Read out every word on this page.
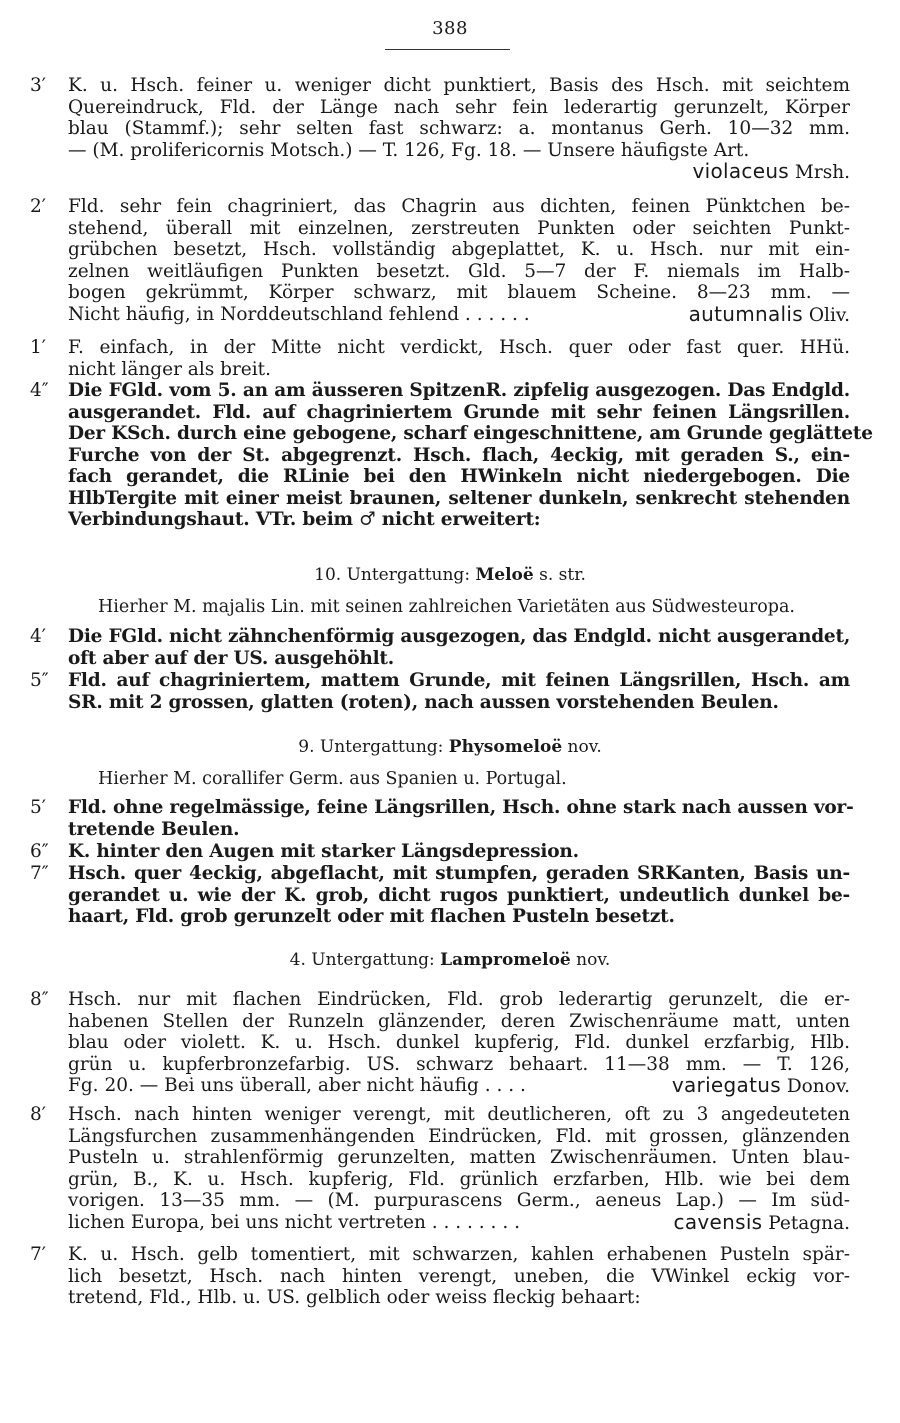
388
3′	K. u. Hsch. feiner u. weniger dicht punktiert, Basis des Hsch. mit seichtem
Quereindruck, Fld. der Länge nach sehr fein lederartig gerunzelt, Körper
blau (Stammf.); sehr selten fast schwarz: a. montanus Gerh. 10—32 mm.
— (M. prolifericornis Motsch.) — T. 126, Fg. 18. — Unsere häufigste Art.
violaceus Mrsh.
2′	Fld. sehr fein chagriniert, das Chagrin aus dichten, feinen Pünktchen be-
stehend, überall mit einzelnen, zerstreuten Punkten oder seichten Punkt-
grübchen besetzt, Hsch. vollständig abgeplattet, K. u. Hsch. nur mit ein-
zelnen weitläufigen Punkten besetzt. Gld. 5—7 der F. niemals im Halb-
bogen gekrümmt, Körper schwarz, mit blauem Scheine. 8—23 mm. —
Nicht häufig, in Norddeutschland fehlend . . . . . .	autumnalis Oliv.
1′	F. einfach, in der Mitte nicht verdickt, Hsch. quer oder fast quer. HHü.
nicht länger als breit.
4″	Die FGld. vom 5. an am äusseren SpitzenR. zipfelig ausgezogen. Das Endgld.
ausgerandet. Fld. auf chagriniertem Grunde mit sehr feinen Längsrillen.
Der KSch. durch eine gebogene, scharf eingeschnittene, am Grunde geglättete
Furche von der St. abgegrenzt. Hsch. flach, 4eckig, mit geraden S., ein-
fach gerandet, die RLinie bei den HWinkeln nicht niedergebogen. Die
HlbTergite mit einer meist braunen, seltener dunkeln, senkrecht stehenden
Verbindungshaut. VTr. beim ♂ nicht erweitert:
10. Untergattung: Meloë s. str.
Hierher M. majalis Lin. mit seinen zahlreichen Varietäten aus Südwesteuropa.
4′	Die FGld. nicht zähnchenförmig ausgezogen, das Endgld. nicht ausgerandet,
oft aber auf der US. ausgehöhlt.
5″	Fld. auf chagriniertem, mattem Grunde, mit feinen Längsrillen, Hsch. am
SR. mit 2 grossen, glatten (roten), nach aussen vorstehenden Beulen.
9. Untergattung: Physomeloë nov.
Hierher M. corallifer Germ. aus Spanien u. Portugal.
5′	Fld. ohne regelmässige, feine Längsrillen, Hsch. ohne stark nach aussen vor-
tretende Beulen.
6″	K. hinter den Augen mit starker Längsdepression.
7″	Hsch. quer 4eckig, abgeflacht, mit stumpfen, geraden SRKanten, Basis un-
gerandet u. wie der K. grob, dicht rugos punktiert, undeutlich dunkel be-
haart, Fld. grob gerunzelt oder mit flachen Pusteln besetzt.
4. Untergattung: Lampromeloë nov.
8″	Hsch. nur mit flachen Eindrücken, Fld. grob lederartig gerunzelt, die er-
habenen Stellen der Runzeln glänzender, deren Zwischenräume matt, unten
blau oder violett. K. u. Hsch. dunkel kupferig, Fld. dunkel erzfarbig, Hlb.
grün u. kupferbronzefarbig. US. schwarz behaart. 11—38 mm. — T. 126,
Fg. 20. — Bei uns überall, aber nicht häufig . . . .	variegatus Donov.
8′	Hsch. nach hinten weniger verengt, mit deutlicheren, oft zu 3 angedeuteten
Längsfurchen zusammenhängenden Eindrücken, Fld. mit grossen, glänzenden
Pusteln u. strahlenförmig gerunzelten, matten Zwischenräumen. Unten blau-
grün, B., K. u. Hsch. kupferig, Fld. grünlich erzfarben, Hlb. wie bei dem
vorigen. 13—35 mm. — (M. purpurascens Germ., aeneus Lap.) — Im süd-
lichen Europa, bei uns nicht vertreten . . . . . . . .	cavensis Petagna.
7′	K. u. Hsch. gelb tomentiert, mit schwarzen, kahlen erhabenen Pusteln spär-
lich besetzt, Hsch. nach hinten verengt, uneben, die VWinkel eckig vor-
tretend, Fld., Hlb. u. US. gelblich oder weiss fleckig behaart:
